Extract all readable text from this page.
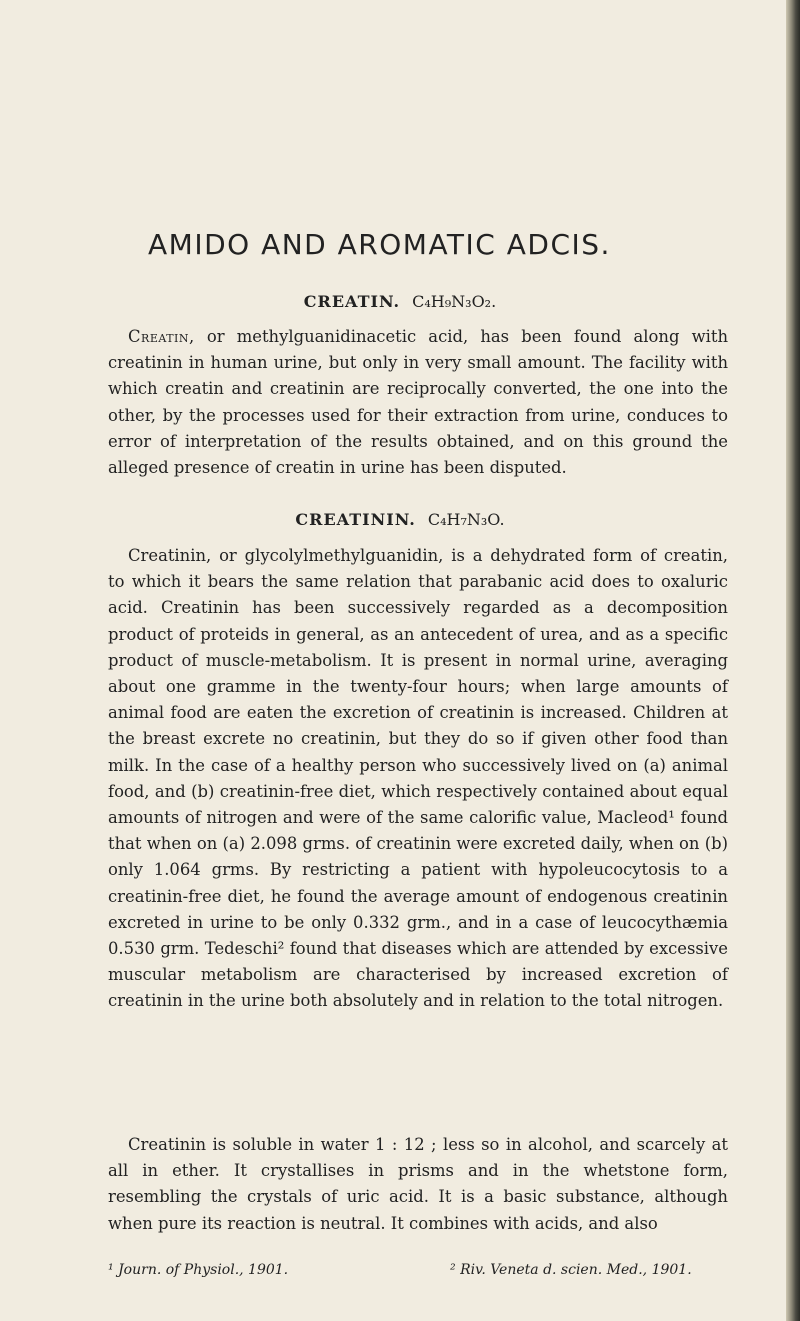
AMIDO AND AROMATIC ADCIS.
CREATIN. C₄H₉N₃O₂.
Creatin, or methylguanidinacetic acid, has been found along with creatinin in human urine, but only in very small amount. The facility with which creatin and creatinin are reciprocally converted, the one into the other, by the processes used for their extraction from urine, conduces to error of interpretation of the results obtained, and on this ground the alleged presence of creatin in urine has been disputed.
CREATININ. C₄H₇N₃O.
Creatinin, or glycolylmethylguanidin, is a dehydrated form of creatin, to which it bears the same relation that parabanic acid does to oxaluric acid. Creatinin has been successively regarded as a decomposition product of proteids in general, as an antecedent of urea, and as a specific product of muscle-metabolism. It is present in normal urine, averaging about one gramme in the twenty-four hours; when large amounts of animal food are eaten the excretion of creatinin is increased. Children at the breast excrete no creatinin, but they do so if given other food than milk. In the case of a healthy person who successively lived on (a) animal food, and (b) creatinin-free diet, which respectively contained about equal amounts of nitrogen and were of the same calorific value, Macleod¹ found that when on (a) 2.098 grms. of creatinin were excreted daily, when on (b) only 1.064 grms. By restricting a patient with hypoleucocytosis to a creatinin-free diet, he found the average amount of endogenous creatinin excreted in urine to be only 0.332 grm., and in a case of leucocythæmia 0.530 grm. Tedeschi² found that diseases which are attended by excessive muscular metabolism are characterised by increased excretion of creatinin in the urine both absolutely and in relation to the total nitrogen.
Creatinin is soluble in water 1 : 12 ; less so in alcohol, and scarcely at all in ether. It crystallises in prisms and in the whetstone form, resembling the crystals of uric acid. It is a basic substance, although when pure its reaction is neutral. It combines with acids, and also
¹ Journ. of Physiol., 1901.	² Riv. Veneta d. scien. Med., 1901.
